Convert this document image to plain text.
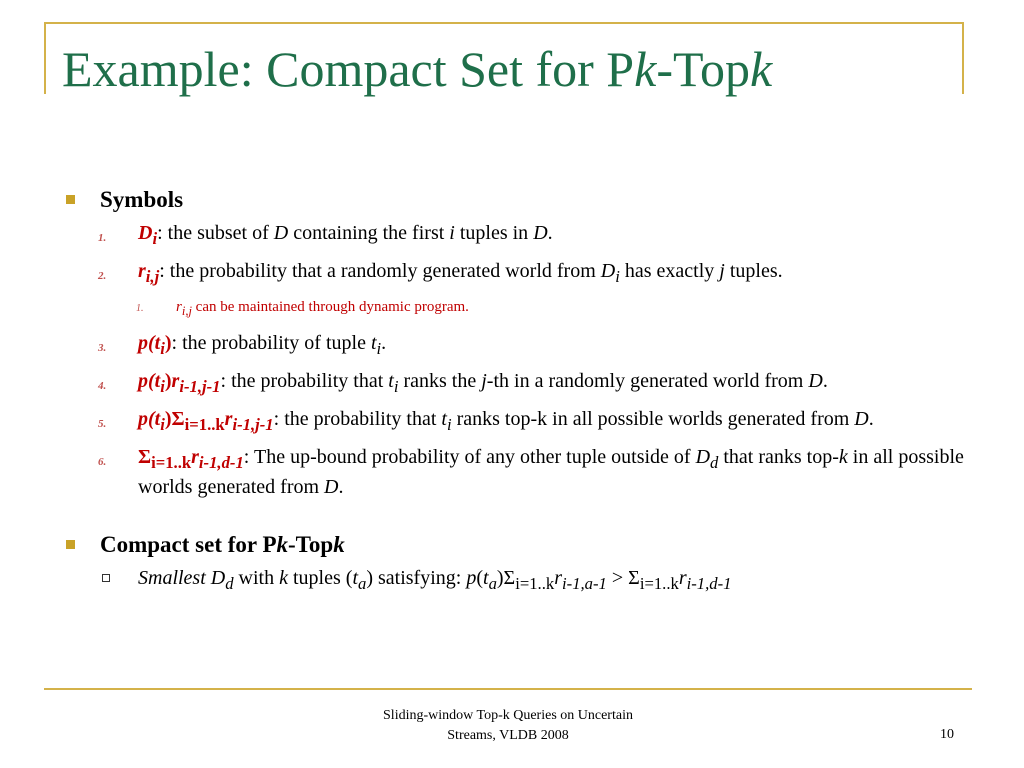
Example: Compact Set for Pk-Topk
Symbols
1. $D_i$: the subset of D containing the first i tuples in D.
2. $r_{i,j}$: the probability that a randomly generated world from $D_i$ has exactly j tuples.
1. $r_{i,j}$ can be maintained through dynamic program.
3. $p(t_i)$: the probability of tuple $t_i$.
4. $p(t_i)r_{i-1,j-1}$: the probability that $t_i$ ranks the j-th in a randomly generated world from D.
5. $p(t_i)\Sigma_{i=1..k}r_{i-1,j-1}$: the probability that $t_i$ ranks top-k in all possible worlds generated from D.
6. $\Sigma_{i=1..k}r_{i-1,d-1}$: The up-bound probability of any other tuple outside of $D_d$ that ranks top-k in all possible worlds generated from D.
Compact set for Pk-Topk
Smallest $D_d$ with k tuples $(t_a)$ satisfying: $p(t_a)\Sigma_{i=1..k}r_{i-1,a-1} > \Sigma_{i=1..k}r_{i-1,d-1}$
Sliding-window Top-k Queries on Uncertain
Streams, VLDB 2008	10
